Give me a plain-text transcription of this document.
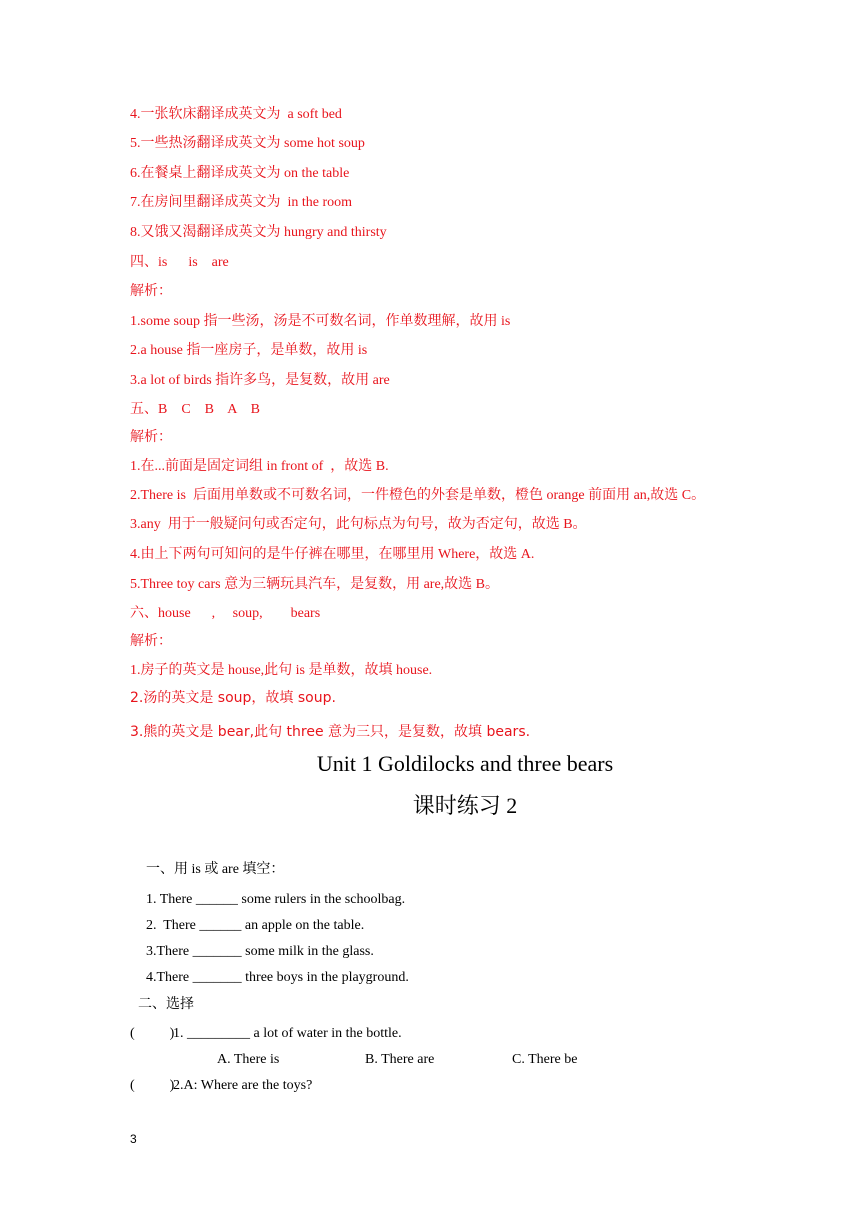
4.一张软床翻译成英文为  a soft bed
5.一些热汤翻译成英文为 some hot soup
6.在餐桌上翻译成英文为 on the table
7.在房间里翻译成英文为  in the room
8.又饿又渴翻译成英文为 hungry and thirsty
四、is      is    are
解析：
1.some soup 指一些汤，汤是不可数名词，作单数理解，故用 is
2.a house 指一座房子，是单数，故用 is
3.a lot of birds 指许多鸟，是复数，故用 are
五、B    C    B    A    B
解析：
1.在...前面是固定词组 in front of  ，故选 B.
2.There is  后面用单数或不可数名词，一件橙色的外套是单数，橙色 orange 前面用 an,故选 C。
3.any  用于一般疑问句或否定句，此句标点为句号，故为否定句，故选 B。
4.由上下两句可知问的是牛仔裤在哪里，在哪里用 Where，故选 A.
5.Three toy cars 意为三辆玩具汽车，是复数，用 are,故选 B。
六、house      ,     soup,        bears
解析：
1.房子的英文是 house,此句 is 是单数，故填 house.
2.汤的英文是 soup，故填 soup.
3.熊的英文是 bear,此句 three 意为三只，是复数，故填 bears.
Unit 1 Goldilocks and three bears
课时练习 2
一、用 is 或 are 填空：
1. There ______ some rulers in the schoolbag.
2.  There ______ an apple on the table.
3.There _______ some milk in the glass.
4.There _______ three boys in the playground.
二、选择
(          )
1. _________ a lot of water in the bottle.
A. There is	B. There are	C. There be
(          )
2.A: Where are the toys?
3
